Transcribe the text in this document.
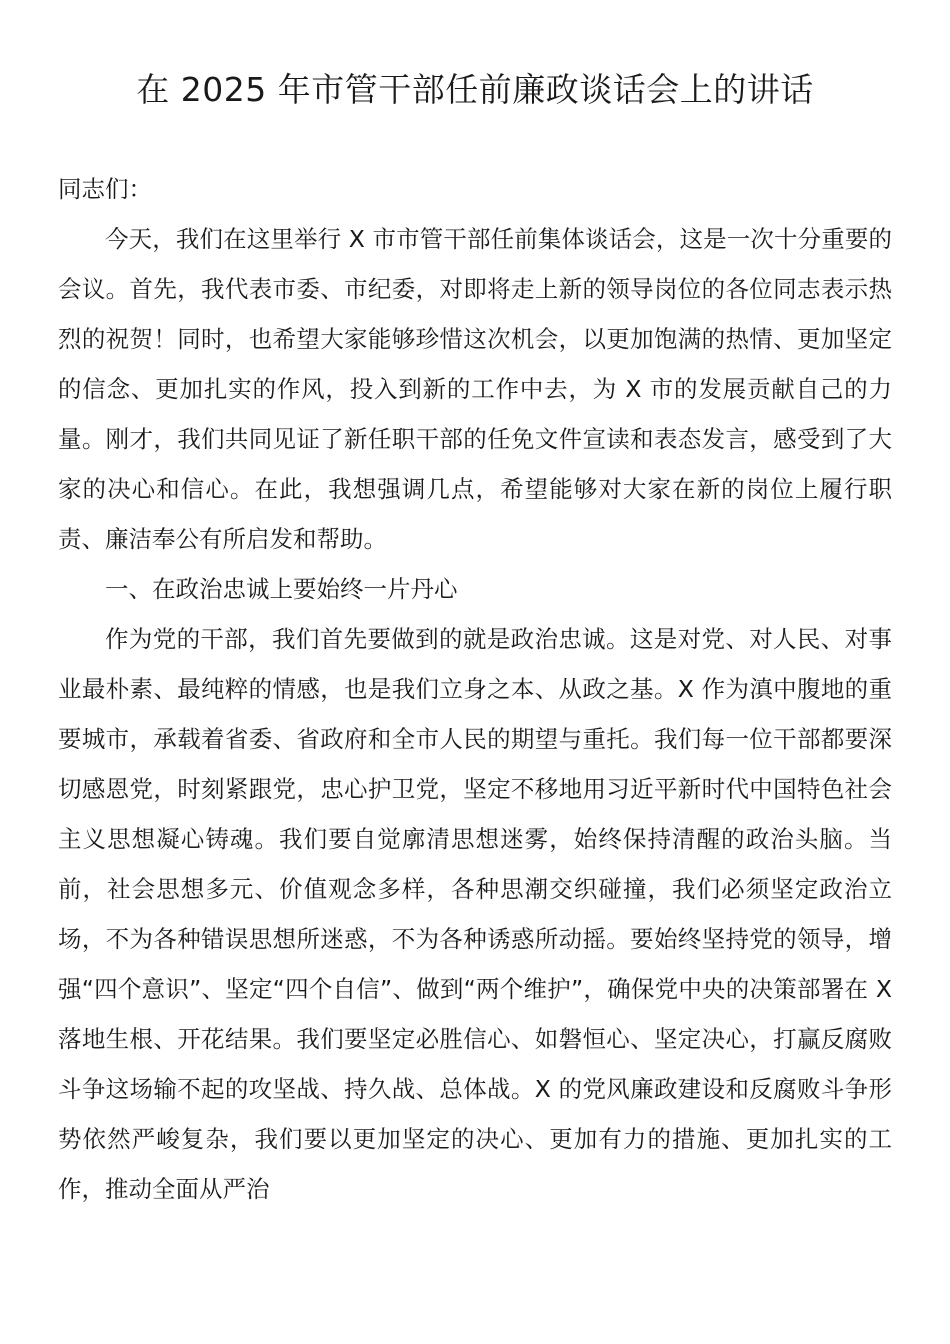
在 2025 年市管干部任前廉政谈话会上的讲话

同志们：

今天，我们在这里举行 X 市市管干部任前集体谈话会，这是一次十分重要的会议。首先，我代表市委、市纪委，对即将走上新的领导岗位的各位同志表示热烈的祝贺！同时，也希望大家能够珍惜这次机会，以更加饱满的热情、更加坚定的信念、更加扎实的作风，投入到新的工作中去，为 X 市的发展贡献自己的力量。刚才，我们共同见证了新任职干部的任免文件宣读和表态发言，感受到了大家的决心和信心。在此，我想强调几点，希望能够对大家在新的岗位上履行职责、廉洁奉公有所启发和帮助。

一、在政治忠诚上要始终一片丹心

作为党的干部，我们首先要做到的就是政治忠诚。这是对党、对人民、对事业最朴素、最纯粹的情感，也是我们立身之本、从政之基。X 作为滇中腹地的重要城市，承载着省委、省政府和全市人民的期望与重托。我们每一位干部都要深切感恩党，时刻紧跟党，忠心护卫党，坚定不移地用习近平新时代中国特色社会主义思想凝心铸魂。我们要自觉廓清思想迷雾，始终保持清醒的政治头脑。当前，社会思想多元、价值观念多样，各种思潮交织碰撞，我们必须坚定政治立场，不为各种错误思想所迷惑，不为各种诱惑所动摇。要始终坚持党的领导，增强“四个意识”、坚定“四个自信”、做到“两个维护”，确保党中央的决策部署在 X 落地生根、开花结果。我们要坚定必胜信心、如磐恒心、坚定决心，打赢反腐败斗争这场输不起的攻坚战、持久战、总体战。X 的党风廉政建设和反腐败斗争形势依然严峻复杂，我们要以更加坚定的决心、更加有力的措施、更加扎实的工作，推动全面从严治
